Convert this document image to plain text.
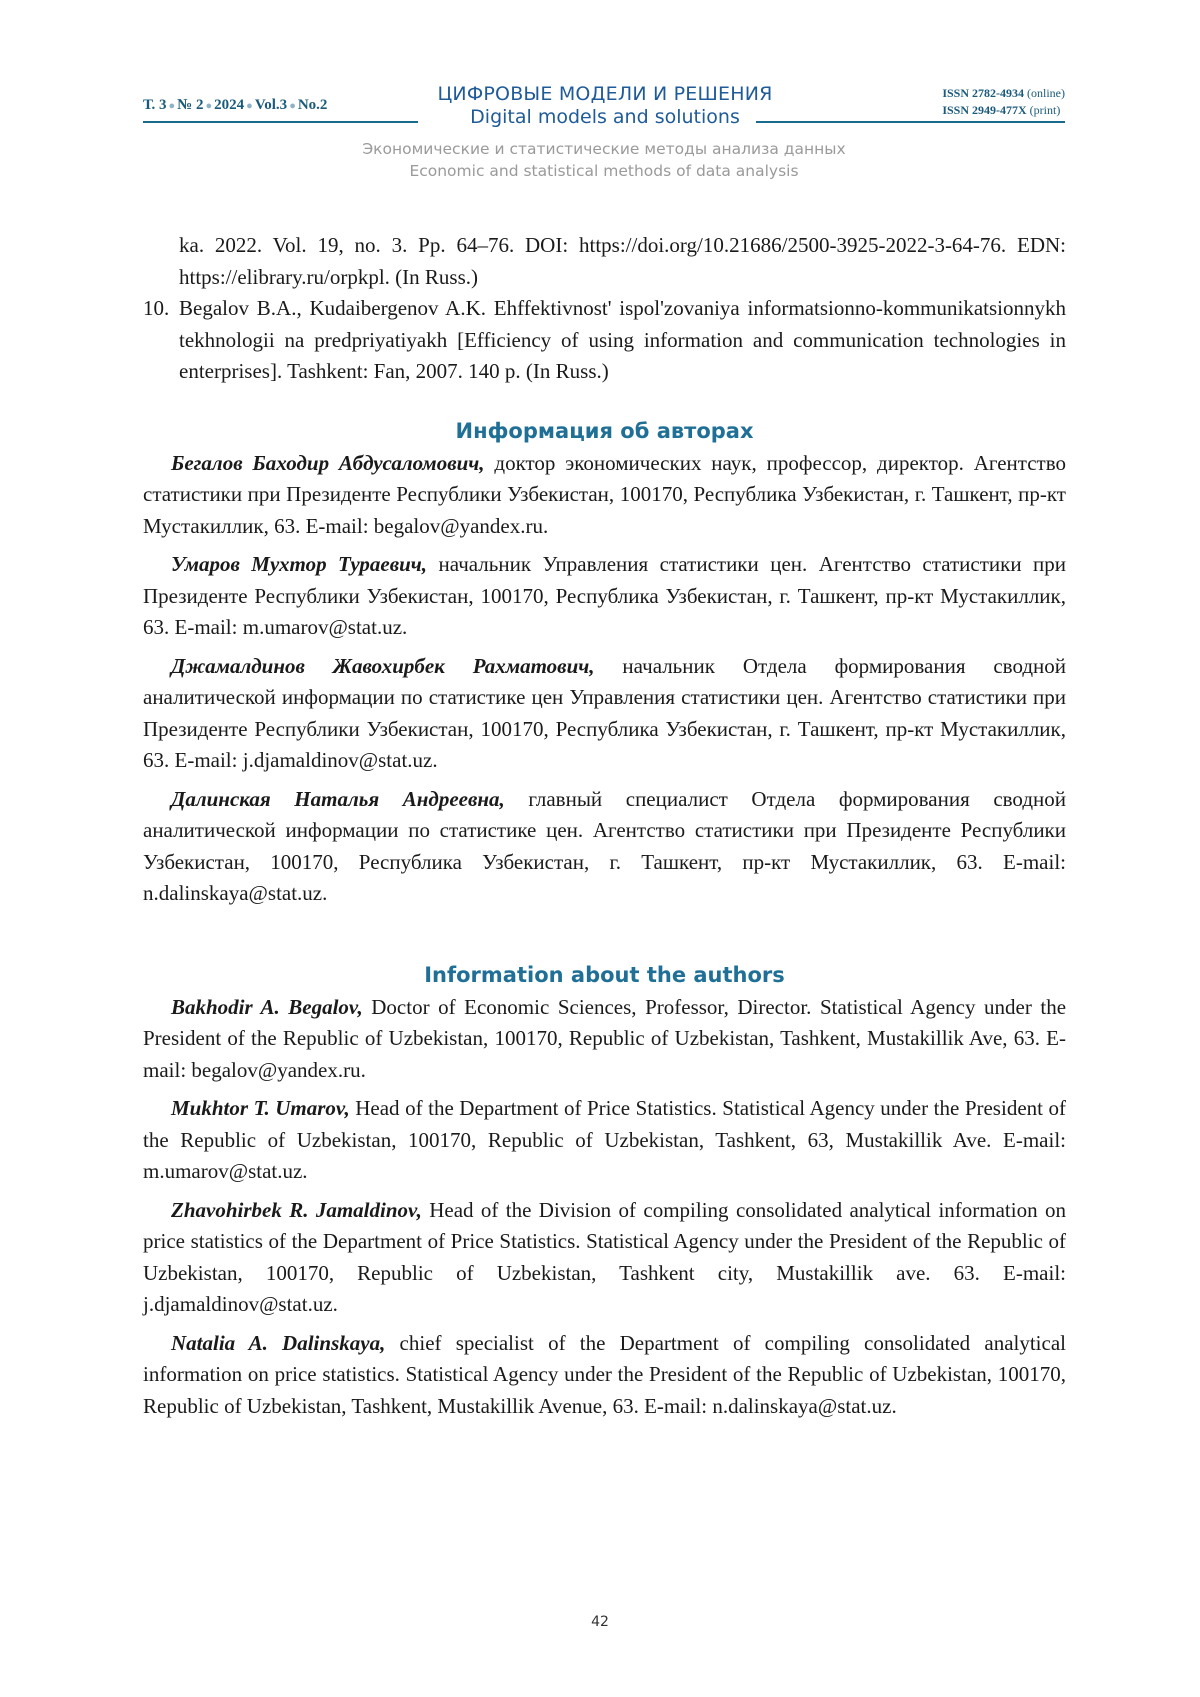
Т. 3 ● № 2 ● 2024 ● Vol.3 ● No.2	ЦИФРОВЫЕ МОДЕЛИ И РЕШЕНИЯ
Digital models and solutions
ISSN 2782-4934 (online)
ISSN 2949-477X (print)
Экономические и статистические методы анализа данных
Economic and statistical methods of data analysis
ka. 2022. Vol. 19, no. 3. Pp. 64–76. DOI: https://doi.org/10.21686/2500-3925-2022-3-64-76. EDN: https://elibrary.ru/orpkpl. (In Russ.)
10. Begalov B.A., Kudaibergenov A.K. Ehffektivnost' ispol'zovaniya informatsionno-kommunikatsionnykh tekhnologii na predpriyatiyakh [Efficiency of using information and communication technologies in enterprises]. Tashkent: Fan, 2007. 140 p. (In Russ.)
Информация об авторах

Бегалов Баходир Абдусаломович, доктор экономических наук, профессор, директор. Агентство статистики при Президенте Республики Узбекистан, 100170, Республика Узбекистан, г. Ташкент, пр-кт Мустакиллик, 63. E-mail: begalov@yandex.ru.

Умаров Мухтор Тураевич, начальник Управления статистики цен. Агентство статистики при Президенте Республики Узбекистан, 100170, Республика Узбекистан, г. Ташкент, пр-кт Мустакиллик, 63. E-mail: m.umarov@stat.uz.

Джамалдинов Жавохирбек Рахматович, начальник Отдела формирования сводной аналитической информации по статистике цен Управления статистики цен. Агентство статистики при Президенте Республики Узбекистан, 100170, Республика Узбекистан, г. Ташкент, пр-кт Мустакиллик, 63. E-mail: j.djamaldinov@stat.uz.

Далинская Наталья Андреевна, главный специалист Отдела формирования сводной аналитической информации по статистике цен. Агентство статистики при Президенте Республики Узбекистан, 100170, Республика Узбекистан, г. Ташкент, пр-кт Мустакиллик, 63. E-mail: n.dalinskaya@stat.uz.

Information about the authors

Bakhodir A. Begalov, Doctor of Economic Sciences, Professor, Director. Statistical Agency under the President of the Republic of Uzbekistan, 100170, Republic of Uzbekistan, Tashkent, Mustakillik Ave, 63. E-mail: begalov@yandex.ru.

Mukhtor T. Umarov, Head of the Department of Price Statistics. Statistical Agency under the President of the Republic of Uzbekistan, 100170, Republic of Uzbekistan, Tashkent, 63, Mustakillik Ave. E-mail: m.umarov@stat.uz.

Zhavohirbek R. Jamaldinov, Head of the Division of compiling consolidated analytical information on price statistics of the Department of Price Statistics. Statistical Agency under the President of the Republic of Uzbekistan, 100170, Republic of Uzbekistan, Tashkent city, Mustakillik ave. 63. E-mail: j.djamaldinov@stat.uz.

Natalia A. Dalinskaya, chief specialist of the Department of compiling consolidated analytical information on price statistics. Statistical Agency under the President of the Republic of Uzbekistan, 100170, Republic of Uzbekistan, Tashkent, Mustakillik Avenue, 63. E-mail: n.dalinskaya@stat.uz.

42
